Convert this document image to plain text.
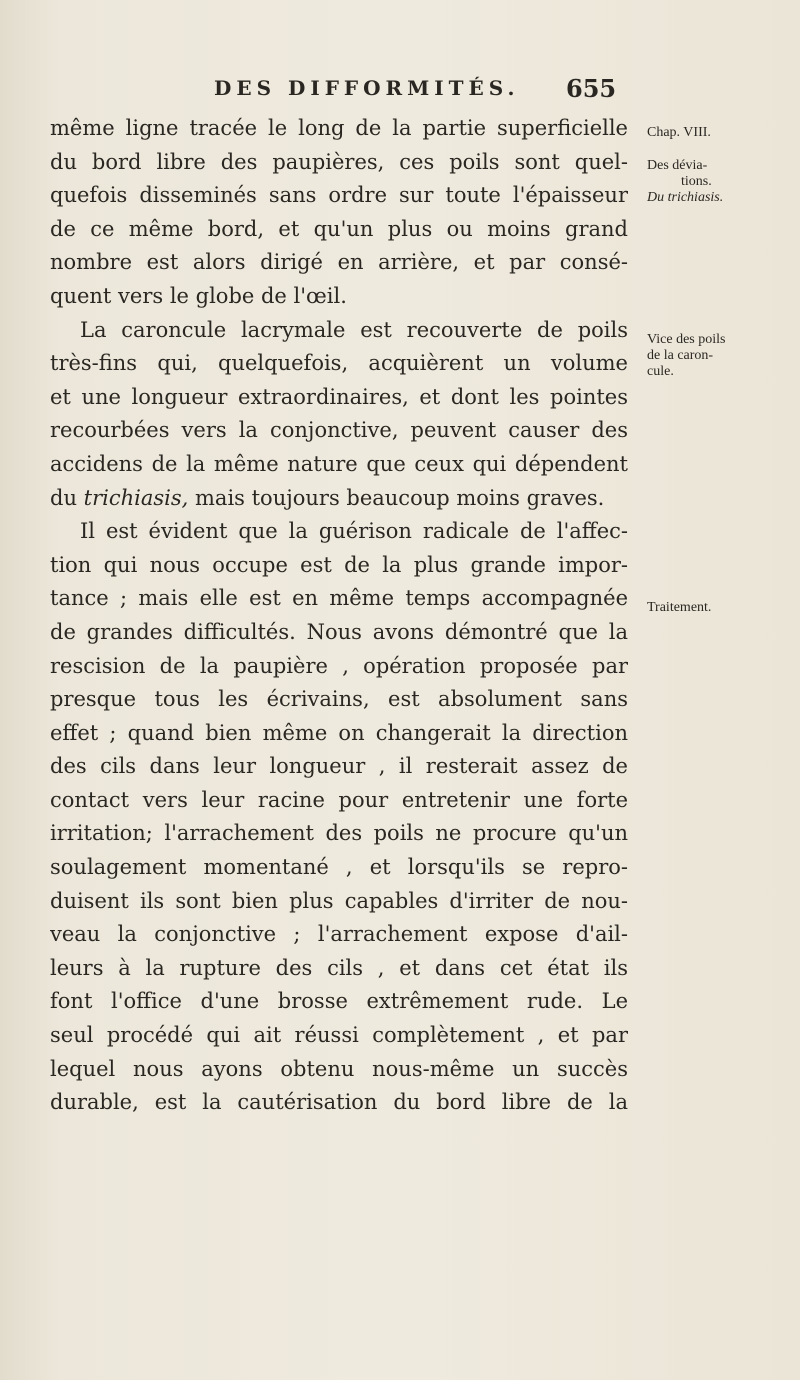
DES DIFFORMITÉS. 655
même ligne tracée le long de la partie superficielle
du bord libre des paupières, ces poils sont quel-
quefois disseminés sans ordre sur toute l'épaisseur
de ce même bord, et qu'un plus ou moins grand
nombre est alors dirigé en arrière, et par consé-
quent vers le globe de l'œil.
La caroncule lacrymale est recouverte de poils
très-fins qui, quelquefois, acquièrent un volume
et une longueur extraordinaires, et dont les pointes
recourbées vers la conjonctive, peuvent causer des
accidens de la même nature que ceux qui dépendent
du trichiasis, mais toujours beaucoup moins graves.
Il est évident que la guérison radicale de l'affec-
tion qui nous occupe est de la plus grande impor-
tance ; mais elle est en même temps accompagnée
de grandes difficultés. Nous avons démontré que la
rescision de la paupière , opération proposée par
presque tous les écrivains, est absolument sans
effet ; quand bien même on changerait la direction
des cils dans leur longueur , il resterait assez de
contact vers leur racine pour entretenir une forte
irritation; l'arrachement des poils ne procure qu'un
soulagement momentané , et lorsqu'ils se repro-
duisent ils sont bien plus capables d'irriter de nou-
veau la conjonctive ; l'arrachement expose d'ail-
leurs à la rupture des cils , et dans cet état ils
font l'office d'une brosse extrêmement rude. Le
seul procédé qui ait réussi complètement , et par
lequel nous ayons obtenu nous-même un succès
durable, est la cautérisation du bord libre de la
Chap. VIII.
Des dévia-
tions.
Du trichiasis.
Vice des poils
de la caron-
cule.
Traitement.
